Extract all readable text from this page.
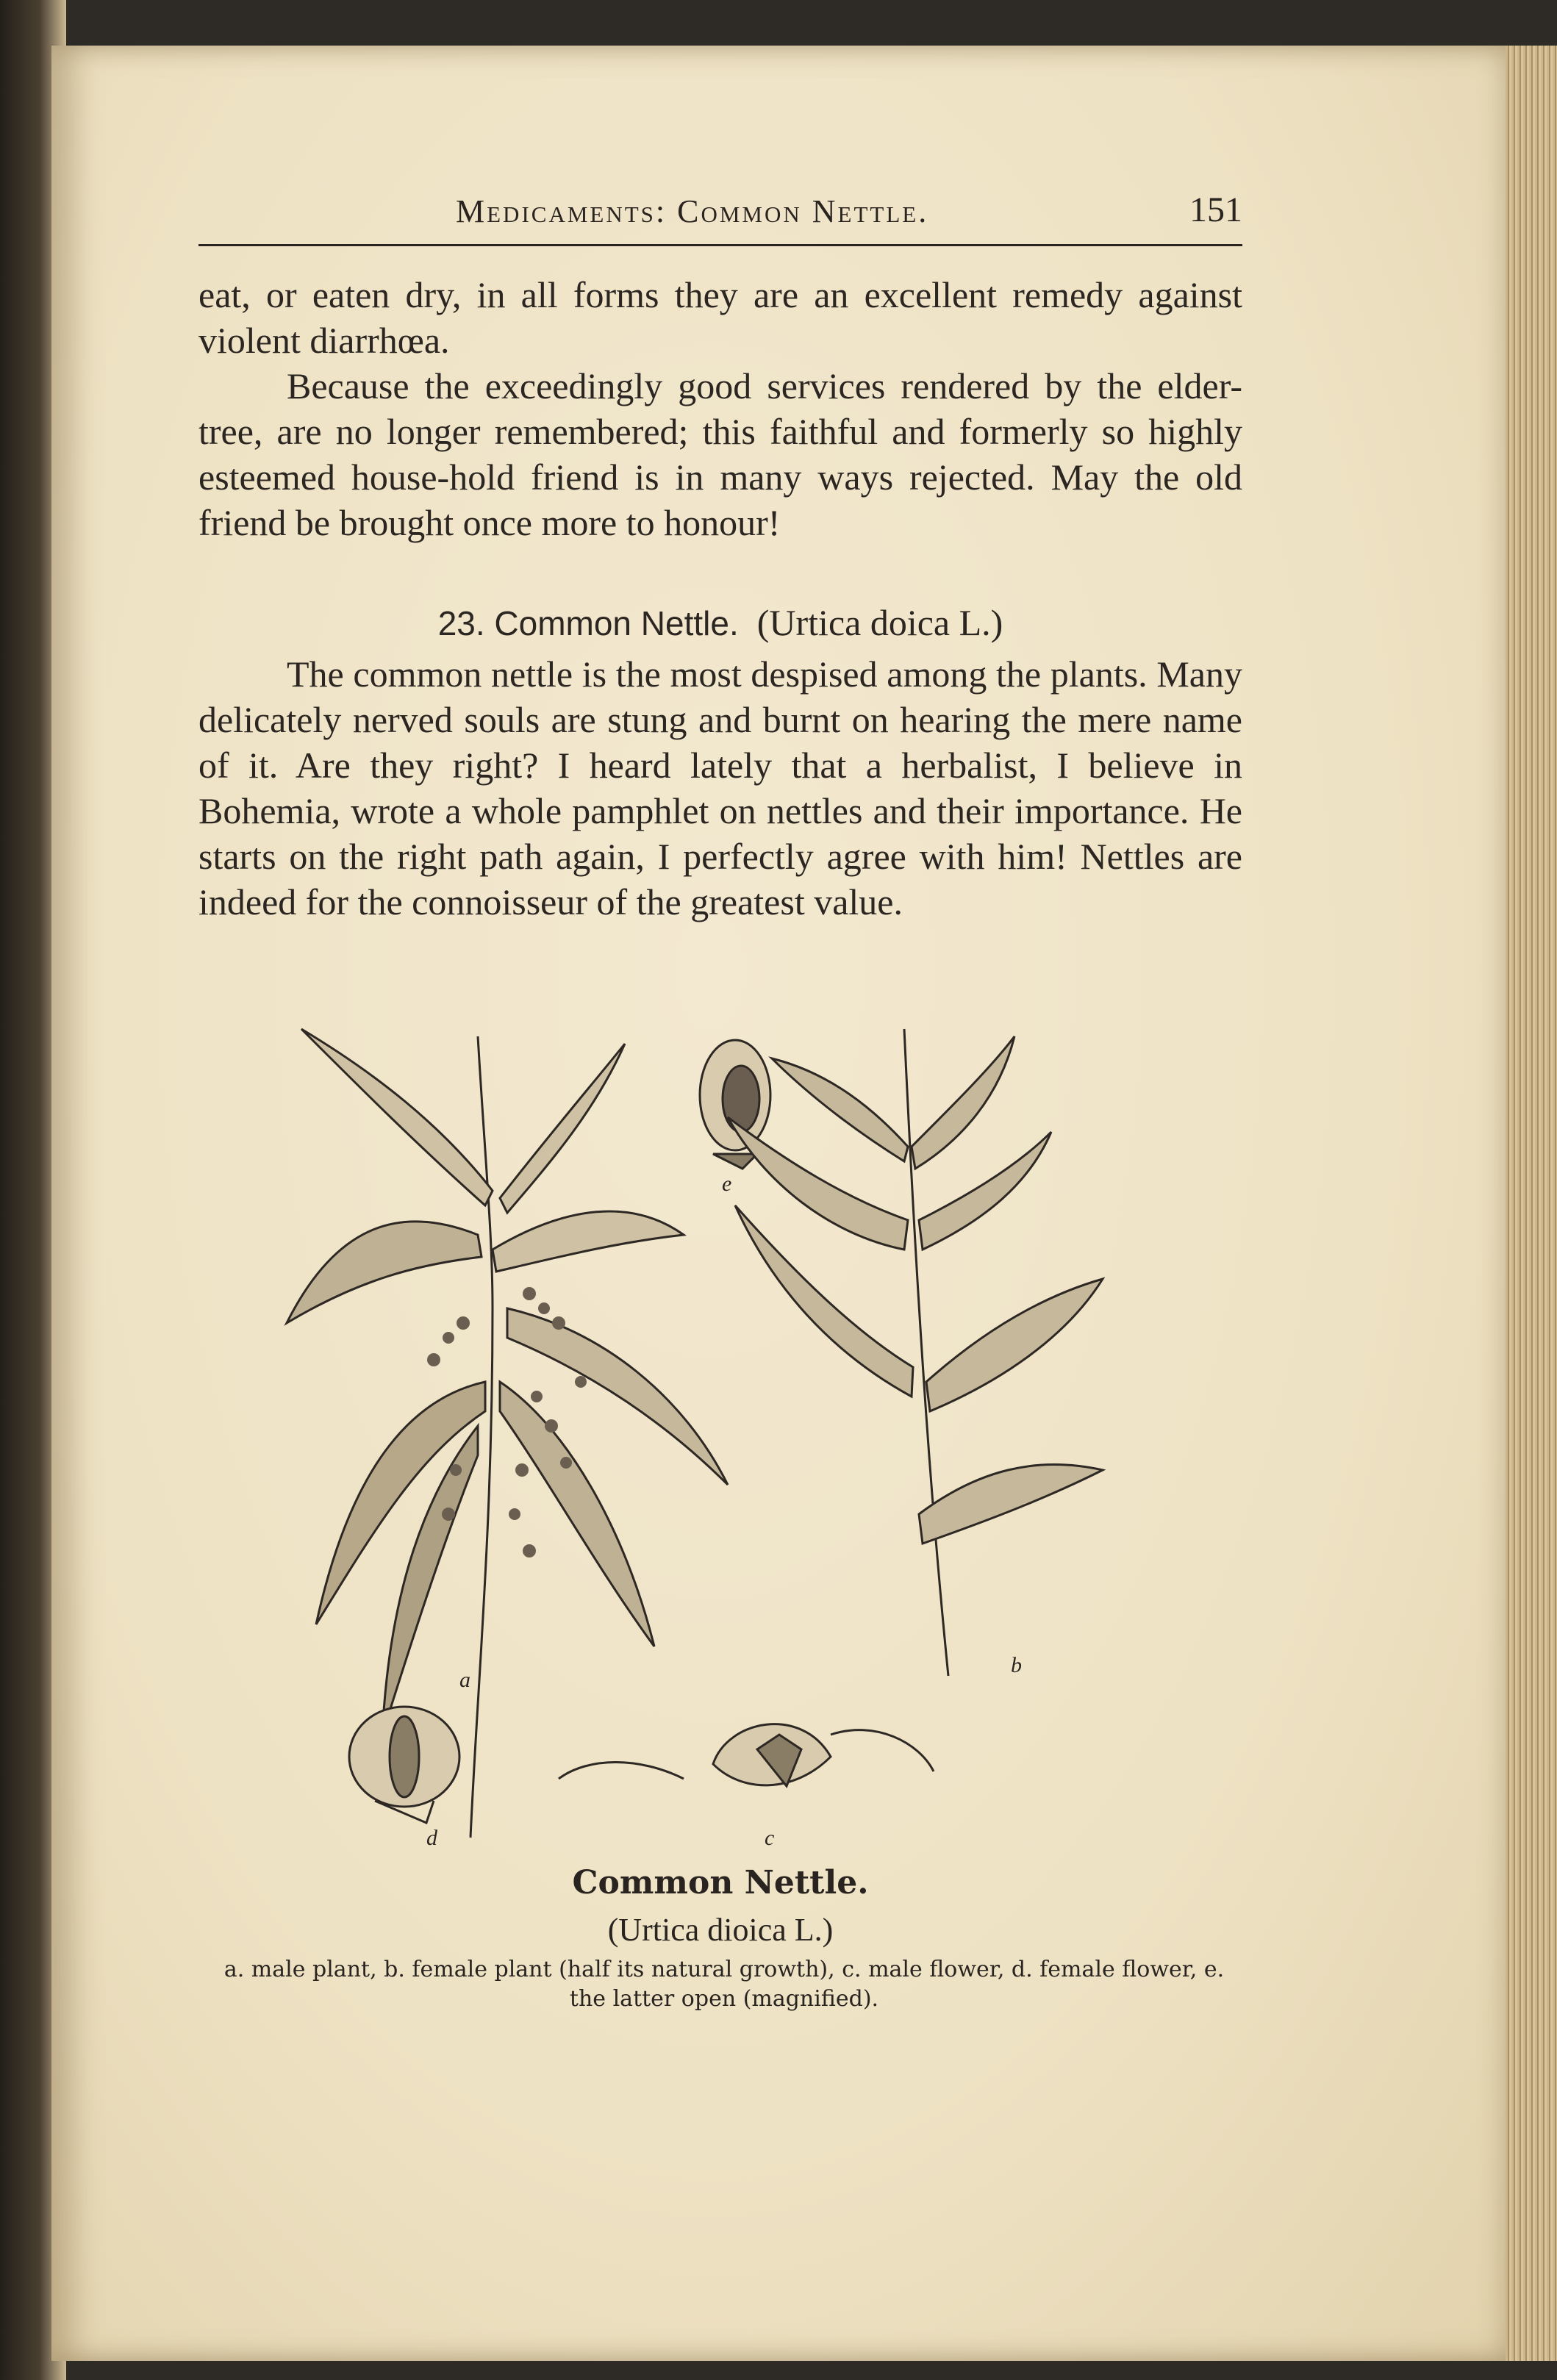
Medicaments: Common Nettle.	151

eat, or eaten dry, in all forms they are an excellent remedy against violent diarrhœa.

Because the exceedingly good services rendered by the elder-tree, are no longer remembered; this faithful and formerly so highly esteemed house-hold friend is in many ways rejected. May the old friend be brought once more to honour!

23. Common Nettle. (Urtica doica L.)

The common nettle is the most despised among the plants. Many delicately nerved souls are stung and burnt on hearing the mere name of it. Are they right? I heard lately that a herbalist, I believe in Bohemia, wrote a whole pamphlet on nettles and their importance. He starts on the right path again, I perfectly agree with him! Nettles are indeed for the connoisseur of the greatest value.

a
b
c
d
e
Common Nettle.
(Urtica dioica L.)
a. male plant, b. female plant (half its natural growth), c. male flower, d. female flower, e. the latter open (magnified).
